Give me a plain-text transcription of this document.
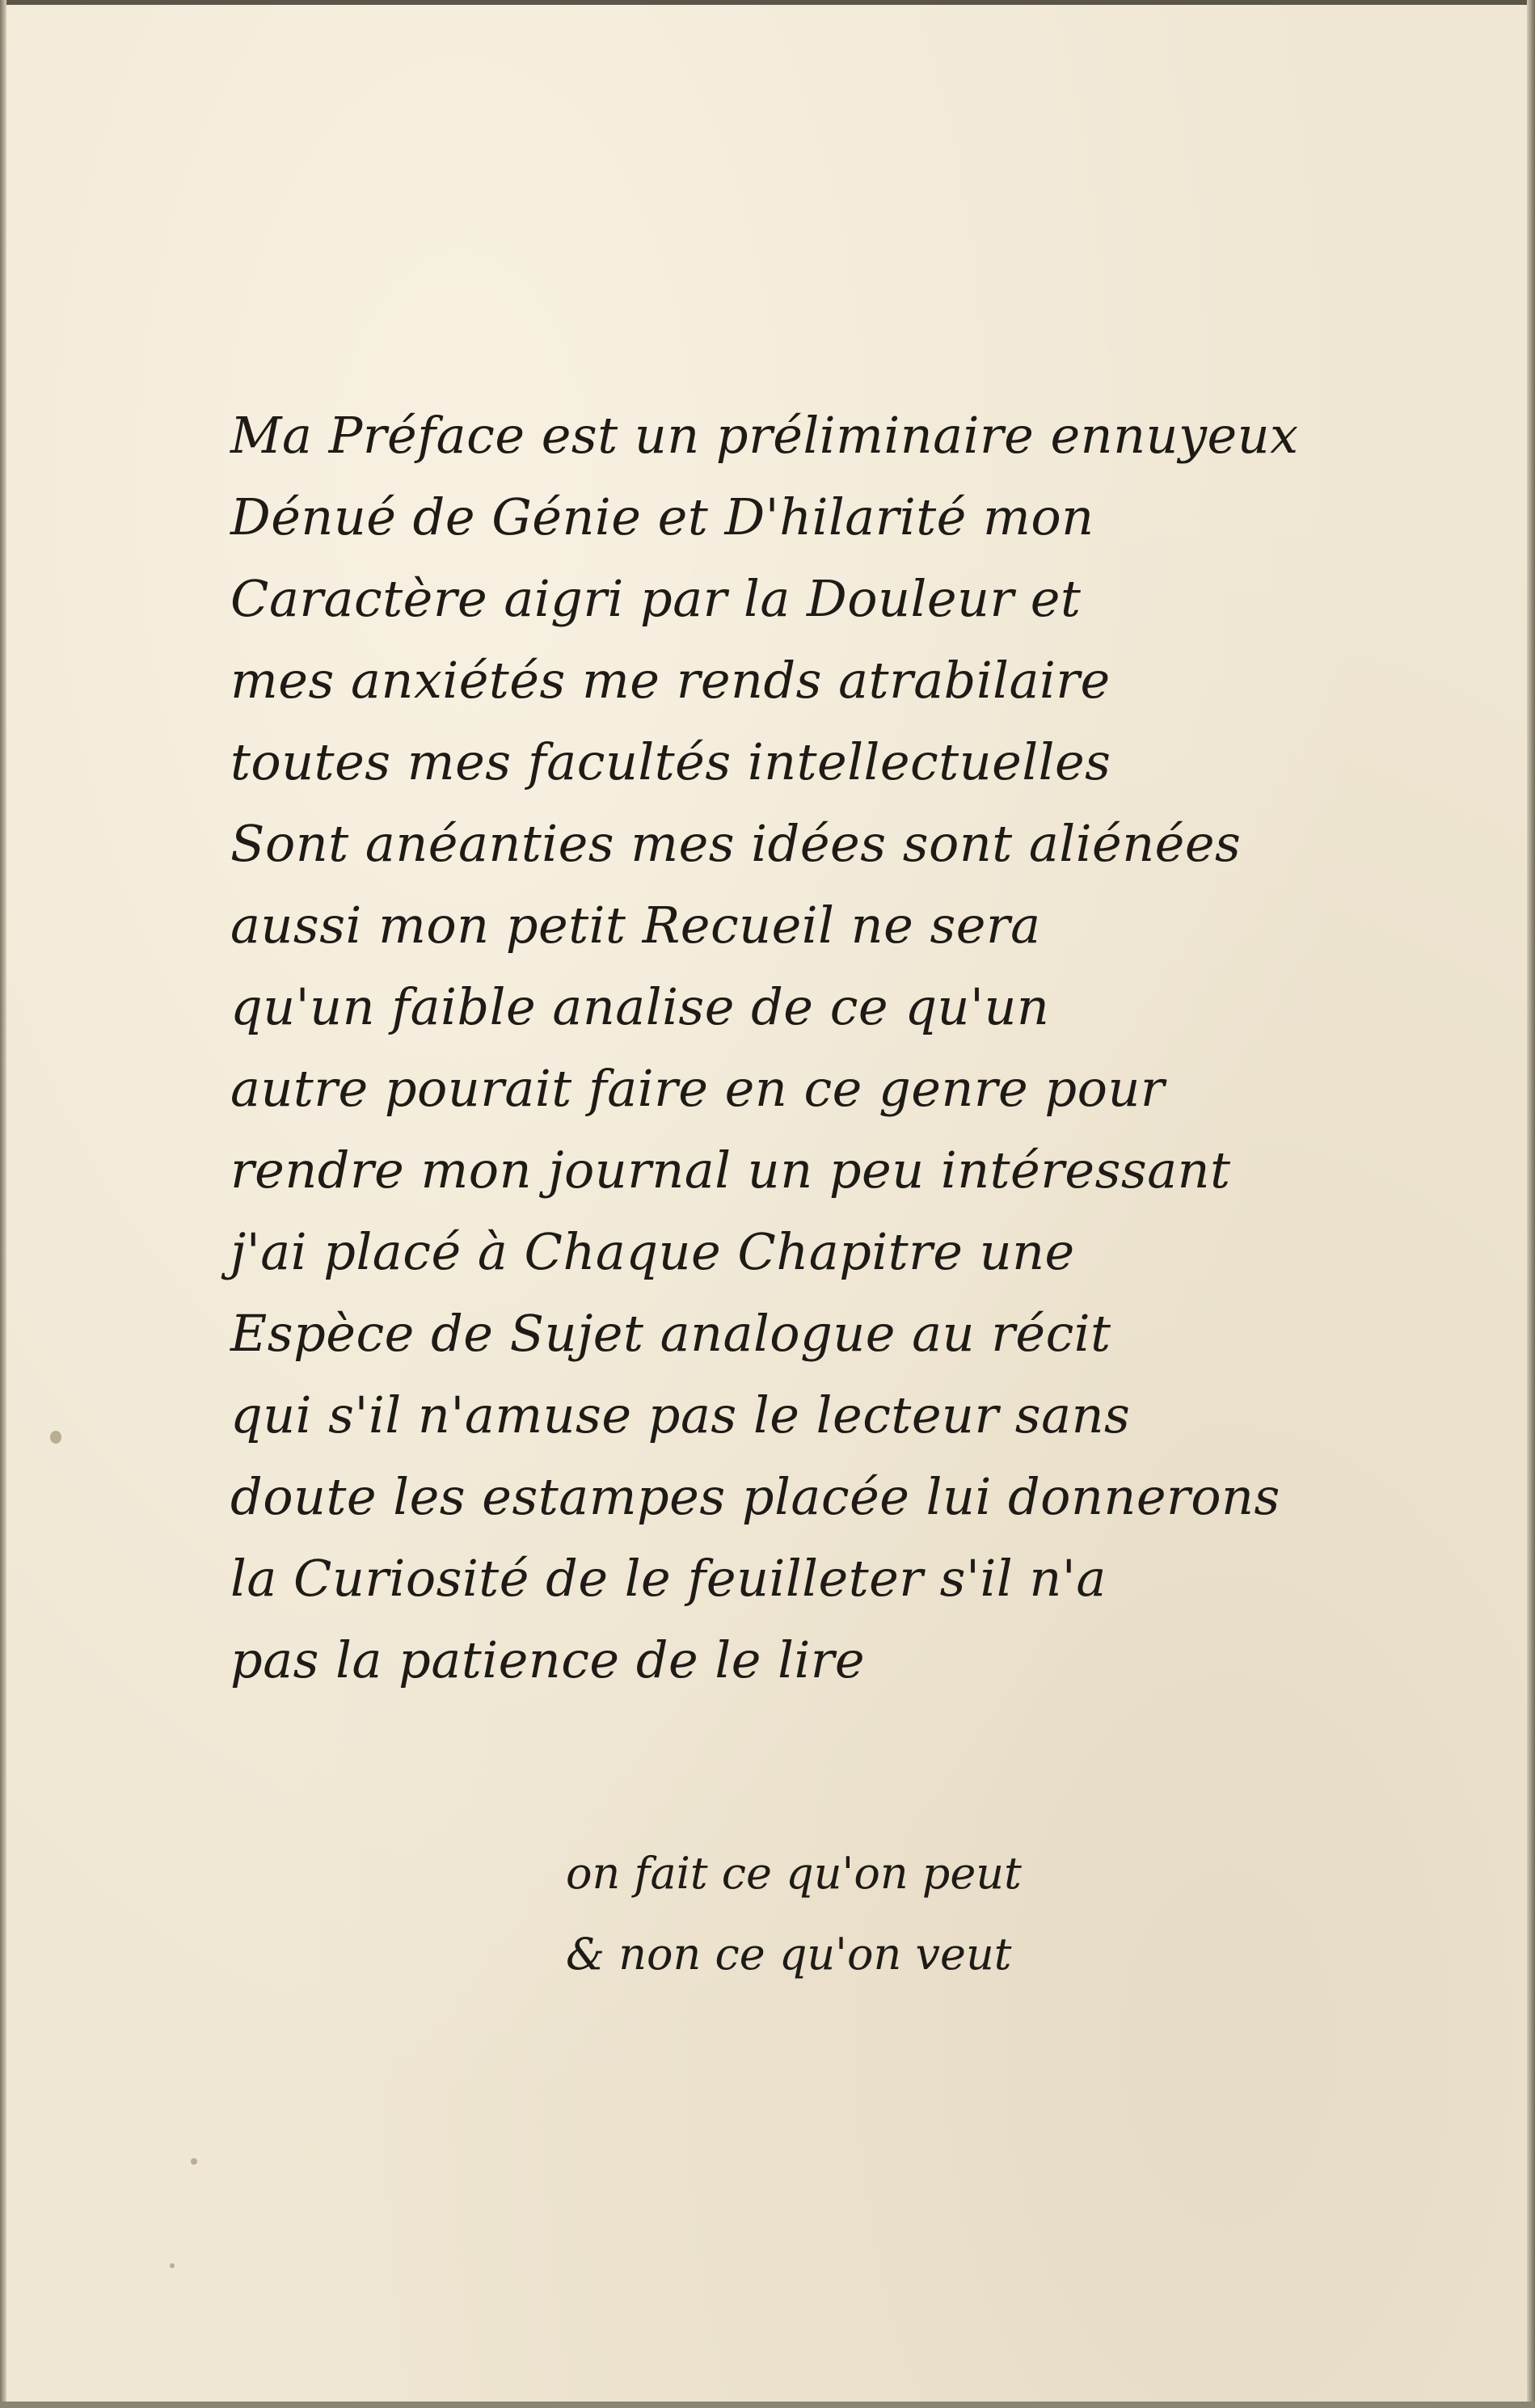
Ma Préface est un préliminaire ennuyeux
Dénué de Génie et D'hilarité mon
Caractère aigri par la Douleur et
mes anxiétés me rends atrabilaire
toutes mes facultés intellectuelles
Sont anéanties mes idées sont aliénées
aussi mon petit Recueil ne sera
qu'un faible analise de ce qu'un
autre pourait faire en ce genre pour
rendre mon journal un peu intéressant
j'ai placé à Chaque Chapitre une
Espèce de Sujet analogue au récit
qui s'il n'amuse pas le lecteur sans
doute les estampes placée lui donnerons
la Curiosité de le feuilleter s'il n'a
pas la patience de le lire
on fait ce qu'on peut
& non ce qu'on veut
